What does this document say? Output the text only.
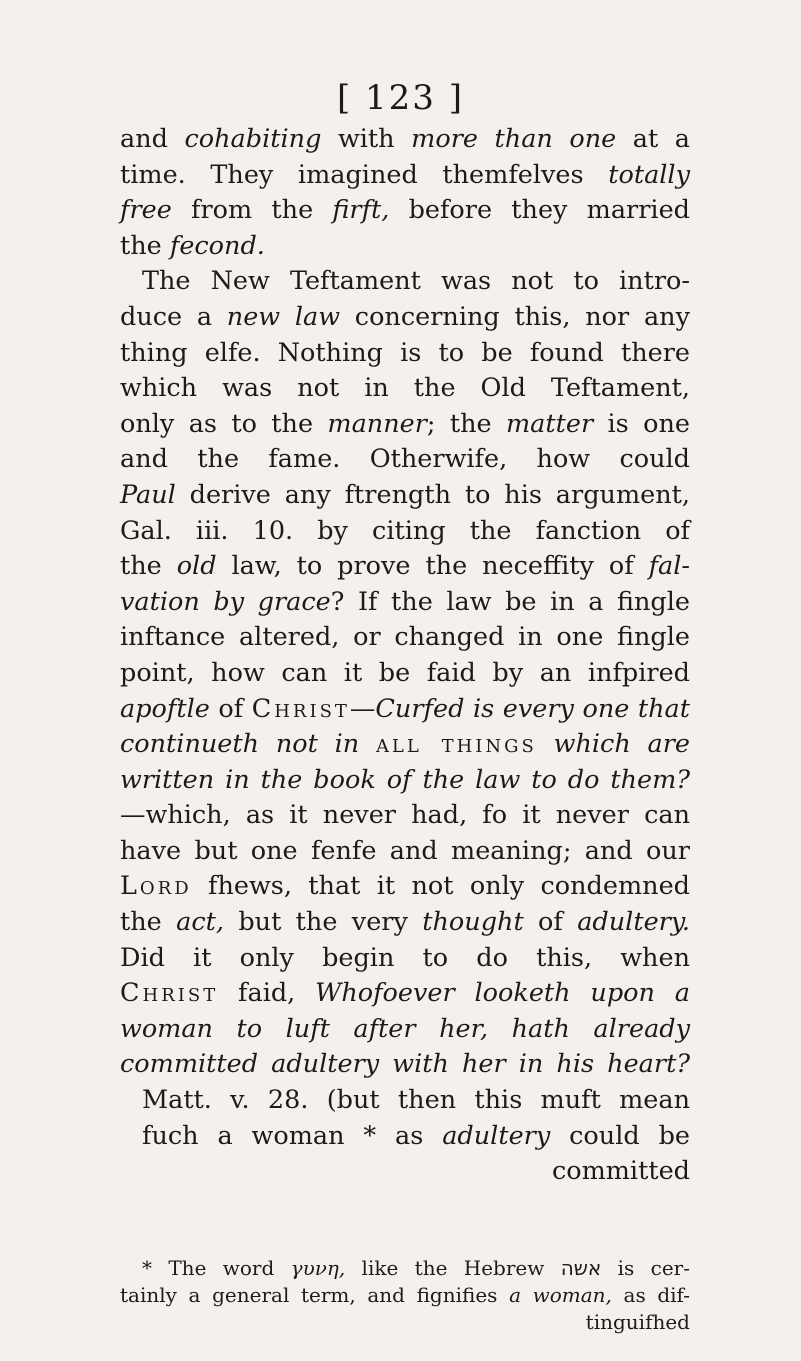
[ 123 ]
and cohabiting with more than one at a
time. They imagined themfelves totally
free from the firft, before they married
the fecond.
The New Teftament was not to intro-
duce a new law concerning this, nor any
thing elfe. Nothing is to be found there
which was not in the Old Teftament,
only as to the manner; the matter is one
and the fame. Otherwife, how could
Paul derive any ftrength to his argument,
Gal. iii. 10. by citing the fanction of
the old law, to prove the neceffity of fal-
vation by grace? If the law be in a fingle
inftance altered, or changed in one fingle
point, how can it be faid by an infpired
apoftle of Christ—Curfed is every one that
continueth not in all things which are
written in the book of the law to do them?
—which, as it never had, fo it never can
have but one fenfe and meaning; and our
Lord fhews, that it not only condemned
the act, but the very thought of adultery.
Did it only begin to do this, when
Christ faid, Whofoever looketh upon a
woman to luft after her, hath already
committed adultery with her in his heart?
Matt. v. 28. (but then this muft mean
fuch a woman * as adultery could be
committed
* The word γυνη, like the Hebrew אשה is cer-
tainly a general term, and fignifies a woman, as dif-
tinguifhed
